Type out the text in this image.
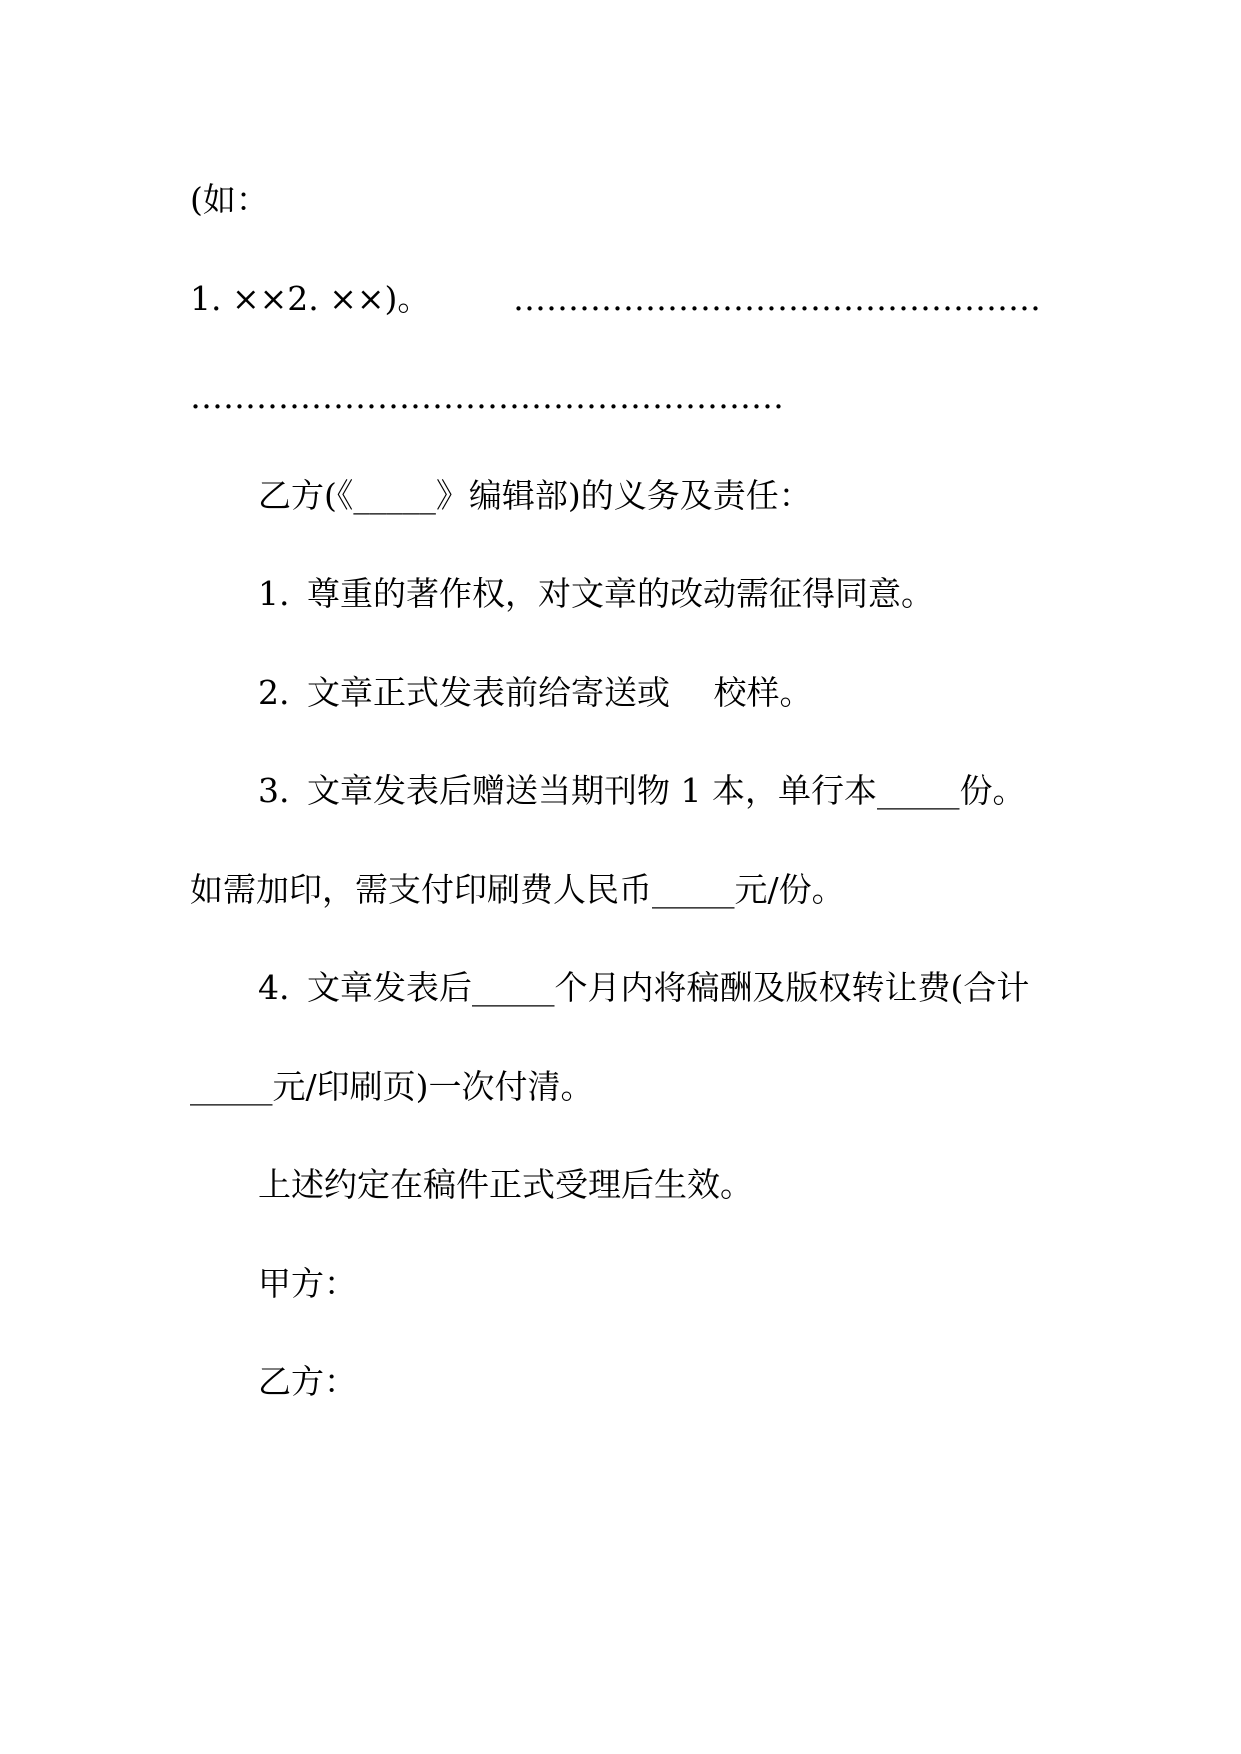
(如：
1. ××2. ××)。	…………………………………………
………………………………………………
乙方(《_____》编辑部)的义务及责任：
1. 尊重的著作权，对文章的改动需征得同意。
2. 文章正式发表前给寄送或　 校样。
3. 文章发表后赠送当期刊物 1 本，单行本_____份。
如需加印，需支付印刷费人民币_____元/份。
4. 文章发表后_____个月内将稿酬及版权转让费(合计
_____元/印刷页)一次付清。
上述约定在稿件正式受理后生效。
甲方：
乙方：
